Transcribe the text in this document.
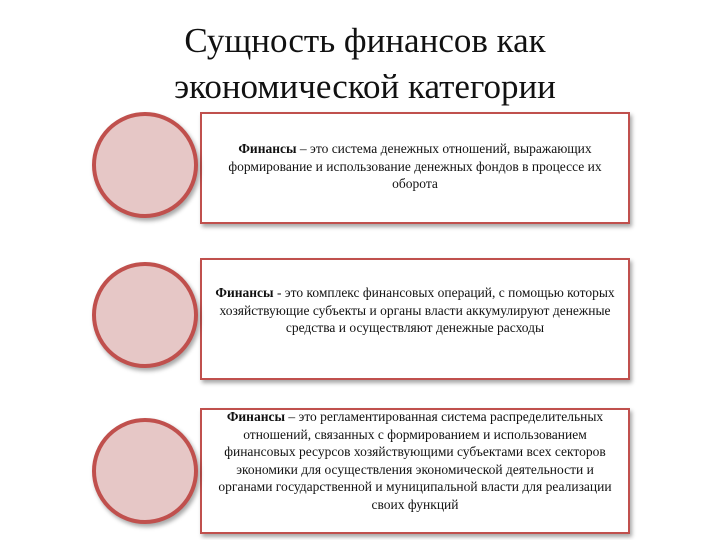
Сущность финансов как
экономической категории
Финансы – это система денежных отношений, выражающих формирование и использование денежных фондов в процессе их оборота
Финансы - это комплекс финансовых операций, с помощью которых хозяйствующие субъекты и органы власти аккумулируют денежные средства и осуществляют денежные расходы
Финансы – это регламентированная система распределительных отношений, связанных с формированием и использованием финансовых ресурсов хозяйствующими субъектами всех секторов экономики для осуществления экономической деятельности и органами государственной и муниципальной власти для реализации своих функций
